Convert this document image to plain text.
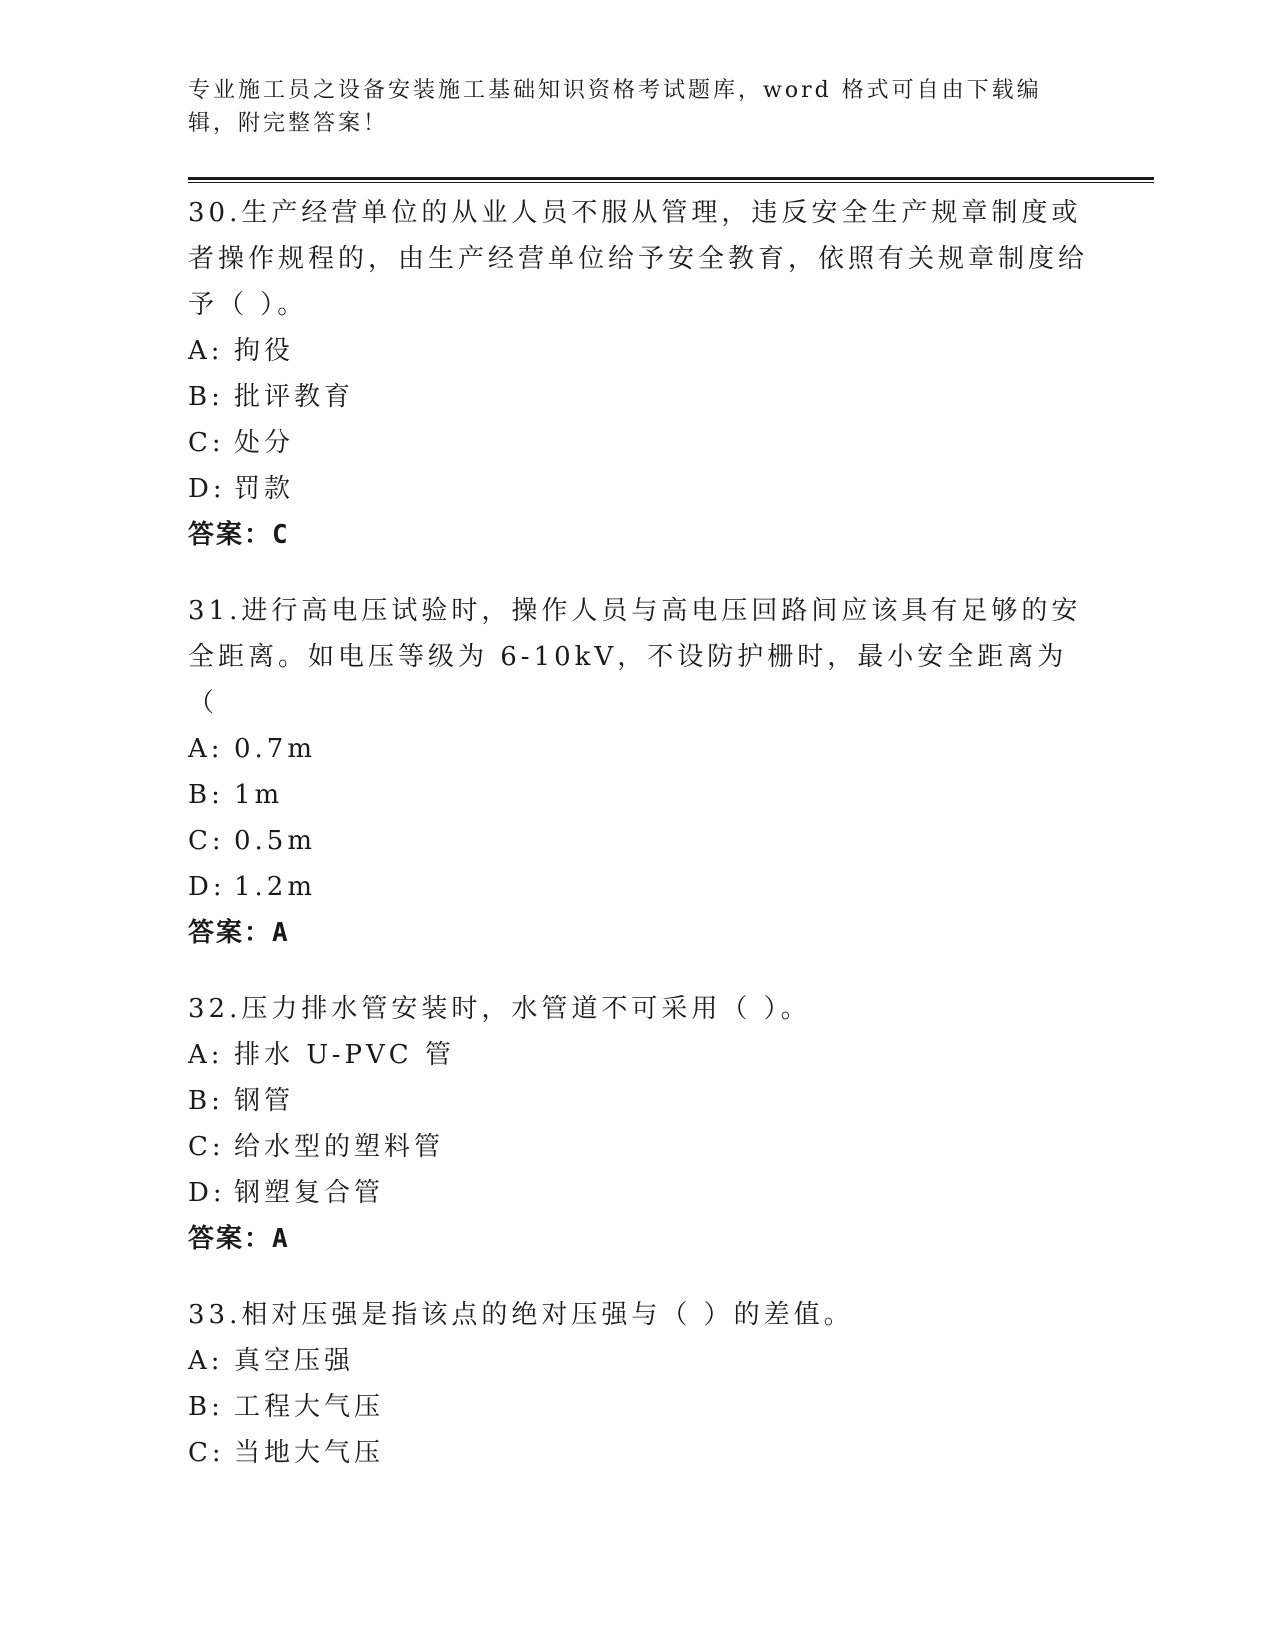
专业施工员之设备安装施工基础知识资格考试题库，word 格式可自由下载编辑，附完整答案！
30.生产经营单位的从业人员不服从管理，违反安全生产规章制度或者操作规程的，由生产经营单位给予安全教育，依照有关规章制度给予（ ）。
A: 拘役
B: 批评教育
C: 处分
D: 罚款
答案：C
31.进行高电压试验时，操作人员与高电压回路间应该具有足够的安全距离。如电压等级为 6-10kV，不设防护栅时，最小安全距离为（
A: 0.7m
B: 1m
C: 0.5m
D: 1.2m
答案：A
32.压力排水管安装时，水管道不可采用（ ）。
A: 排水 U-PVC 管
B: 钢管
C: 给水型的塑料管
D: 钢塑复合管
答案：A
33.相对压强是指该点的绝对压强与（ ）的差值。
A: 真空压强
B: 工程大气压
C: 当地大气压
